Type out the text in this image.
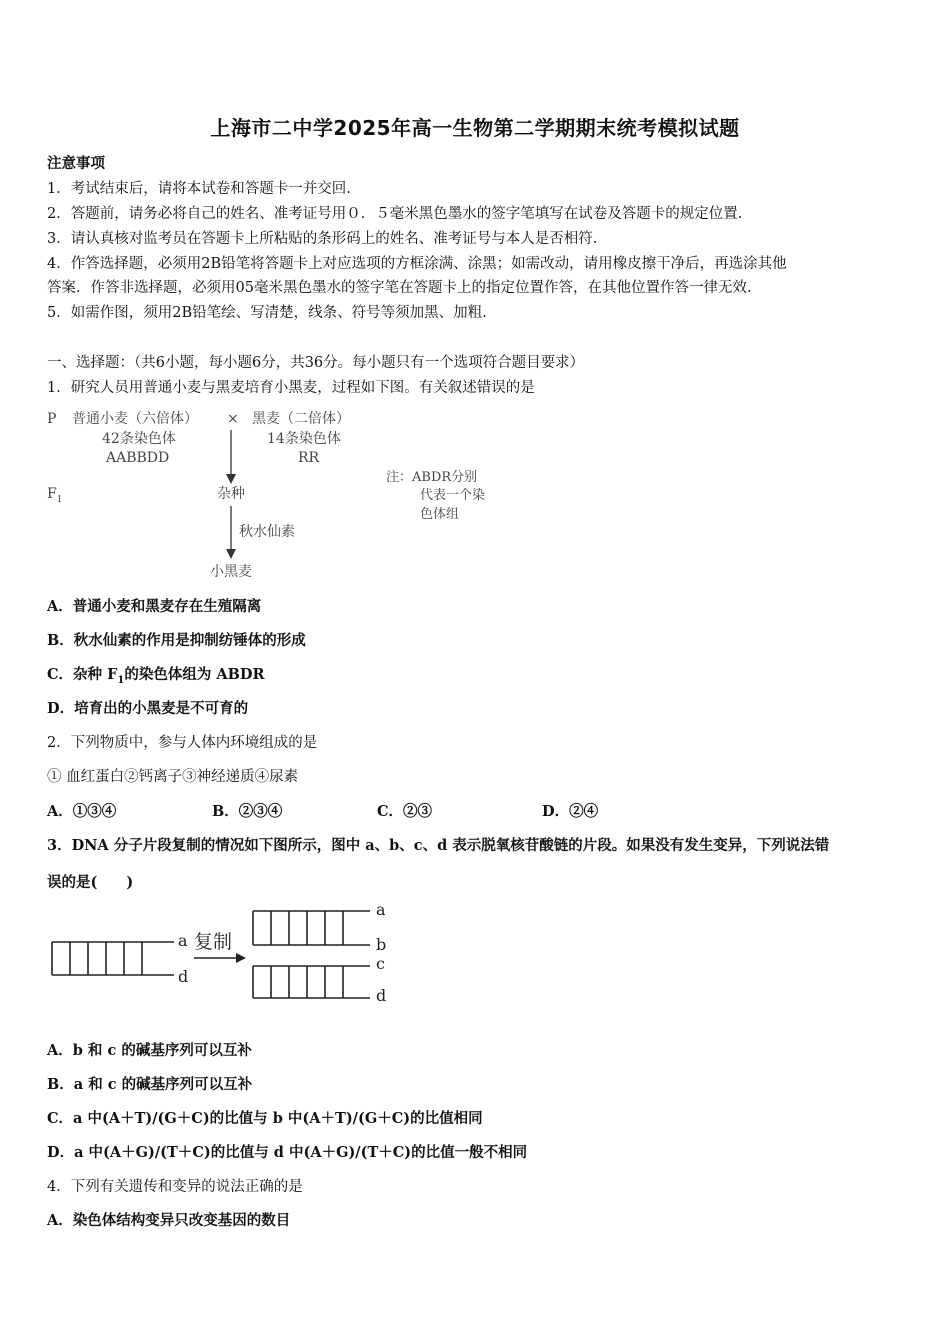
上海市二中学2025年高一生物第二学期期末统考模拟试题
注意事项
1．考试结束后，请将本试卷和答题卡一并交回.
2．答题前，请务必将自己的姓名、准考证号用０．５毫米黑色墨水的签字笔填写在试卷及答题卡的规定位置.
3．请认真核对监考员在答题卡上所粘贴的条形码上的姓名、准考证号与本人是否相符.
4．作答选择题，必须用2B铅笔将答题卡上对应选项的方框涂满、涂黑；如需改动，请用橡皮擦干净后，再选涂其他
答案．作答非选择题，必须用05毫米黑色墨水的签字笔在答题卡上的指定位置作答，在其他位置作答一律无效.
5．如需作图，须用2B铅笔绘、写清楚，线条、符号等须加黑、加粗.
一、选择题：（共6小题，每小题6分，共36分。每小题只有一个选项符合题目要求）
1．研究人员用普通小麦与黑麦培育小黑麦，过程如下图。有关叙述错误的是
P 普通小麦（六倍体）
42条染色体
AABBDD
× 黑麦（二倍体）
14条染色体
RR
$F_1$	杂种
秋水仙素
小黑麦
注：ABDR分别
代表一个染
色体组
A．普通小麦和黑麦存在生殖隔离
B．秋水仙素的作用是抑制纺锤体的形成
C．杂种 $F_1$的染色体组为 ABDR
D．培育出的小黑麦是不可育的
2．下列物质中，参与人体内环境组成的是
① 血红蛋白②钙离子③神经递质④尿素
A．①③④	B．②③④	C．②③	D．②④
3．DNA 分子片段复制的情况如下图所示，图中 a、b、c、d 表示脱氧核苷酸链的片段。如果没有发生变异，下列说法错
误的是(　　)
a
d
复制
a
b
c
d
A．b 和 c 的碱基序列可以互补
B．a 和 c 的碱基序列可以互补
C．a 中(A＋T)/(G＋C)的比值与 b 中(A＋T)/(G＋C)的比值相同
D．a 中(A＋G)/(T＋C)的比值与 d 中(A＋G)/(T＋C)的比值一般不相同
4．下列有关遗传和变异的说法正确的是
A．染色体结构变异只改变基因的数目
